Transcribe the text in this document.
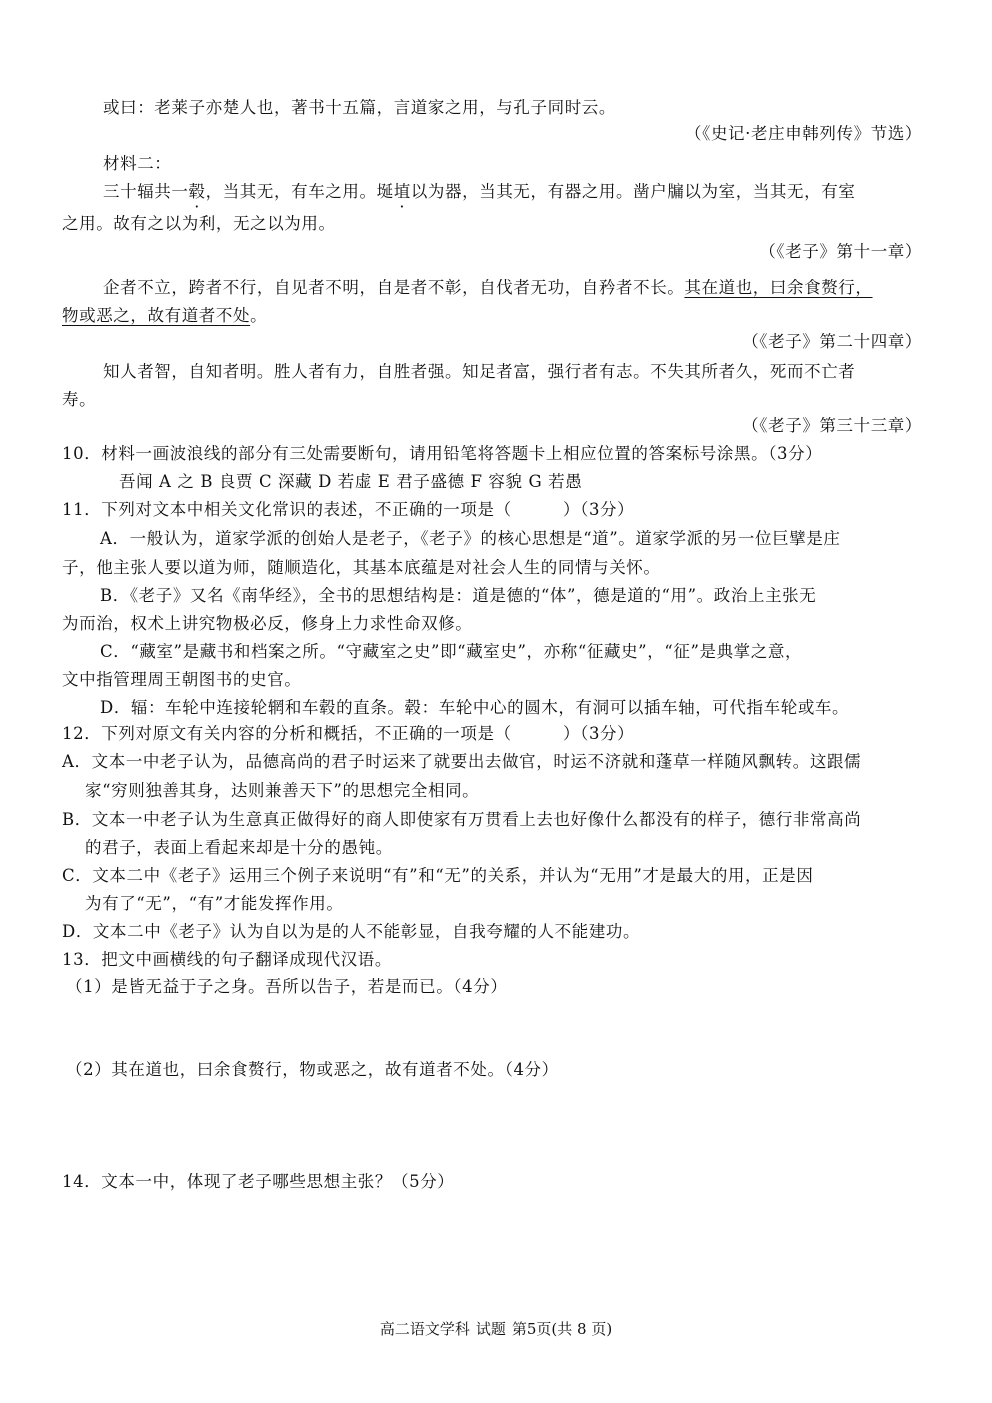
或曰：老莱子亦楚人也，著书十五篇，言道家之用，与孔子同时云。
（《史记·老庄申韩列传》节选）
材料二：
三十辐共一毂，当其无，有车之用。埏埴以为器，当其无，有器之用。凿户牖以为室，当其无，有室
之用。故有之以为利，无之以为用。
（《老子》第十一章）
企者不立，跨者不行，自见者不明，自是者不彰，自伐者无功，自矜者不长。其在道也，曰余食赘行，
物或恶之，故有道者不处。
（《老子》第二十四章）
知人者智，自知者明。胜人者有力，自胜者强。知足者富，强行者有志。不失其所者久，死而不亡者
寿。
（《老子》第三十三章）
10．材料一画波浪线的部分有三处需要断句，请用铅笔将答题卡上相应位置的答案标号涂黑。（3分）
吾闻 A 之 B 良贾 C 深藏 D 若虚 E 君子盛德 F 容貌 G 若愚
11．下列对文本中相关文化常识的表述，不正确的一项是（　　　）（3分）
A．一般认为，道家学派的创始人是老子，《老子》的核心思想是“道”。道家学派的另一位巨擘是庄
子，他主张人要以道为师，随顺造化，其基本底蕴是对社会人生的同情与关怀。
B．《老子》又名《南华经》，全书的思想结构是：道是德的“体”，德是道的“用”。政治上主张无
为而治，权术上讲究物极必反，修身上力求性命双修。
C．“藏室”是藏书和档案之所。“守藏室之史”即“藏室史”，亦称“征藏史”，“征”是典掌之意，
文中指管理周王朝图书的史官。
D．辐：车轮中连接轮辋和车毂的直条。毂：车轮中心的圆木，有洞可以插车轴，可代指车轮或车。
12．下列对原文有关内容的分析和概括，不正确的一项是（　　　）（3分）
A．文本一中老子认为，品德高尚的君子时运来了就要出去做官，时运不济就和蓬草一样随风飘转。这跟儒
家“穷则独善其身，达则兼善天下”的思想完全相同。
B．文本一中老子认为生意真正做得好的商人即使家有万贯看上去也好像什么都没有的样子，德行非常高尚
的君子，表面上看起来却是十分的愚钝。
C．文本二中《老子》运用三个例子来说明“有”和“无”的关系，并认为“无用”才是最大的用，正是因
为有了“无”，“有”才能发挥作用。
D．文本二中《老子》认为自以为是的人不能彰显，自我夸耀的人不能建功。
13．把文中画横线的句子翻译成现代汉语。
（1）是皆无益于子之身。吾所以告子，若是而已。（4分）
（2）其在道也，曰余食赘行，物或恶之，故有道者不处。（4分）
14．文本一中，体现了老子哪些思想主张？（5分）
高二语文学科 试题 第5页(共 8 页)
